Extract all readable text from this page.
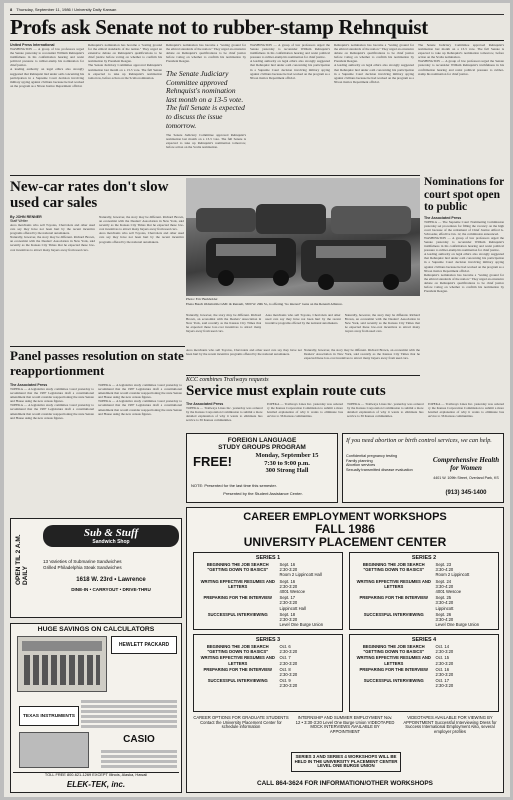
8 Thursday, September 11, 1986 / University Daily Kansan
Profs ask Senate not to rubber-stamp Rehnquist
United Press International

WASHINGTON — A group of law professors urged the Senate yesterday to reconsider William Rehnquist's truthfulness in his confirmation hearing and resist political pressure to rubber-stamp his nomination for chief justice.

A leading authority on legal ethics also strongly suggested that Rehnquist lied under oath concerning his participation in a Supreme Court decision involving military spying against civilians because he had worked on the program as a Nixon Justice Department official.

Rehnquist's nomination has become a "testing ground for the ethical standards of the nation." They urged an extensive debate on Rehnquist's qualifications to be chief justice before voting on whether to confirm his nomination by President Reagan.

The Senate Judiciary Committee approved Rehnquist's nomination last month on a 13-5 vote. The full Senate is expected to take up Rehnquist's nomination tomorrow, before action on the Scalia nomination.

Rehnquist's nomination has become a "testing ground for the ethical standards of the nation." They urged an extensive debate on Rehnquist's qualifications to be chief justice before voting on whether to confirm his nomination by President Reagan.

The Senate Judiciary Committee approved Rehnquist's nomination last month on a 13-5 vote. The full Senate is expected to discuss the issue tomorrow.

The Senate Judiciary Committee approved Rehnquist's nomination last month on a 13-5 vote. The full Senate is expected to take up Rehnquist's nomination tomorrow, before action on the Scalia nomination.

WASHINGTON — A group of law professors urged the Senate yesterday to reconsider William Rehnquist's truthfulness in his confirmation hearing and resist political pressure to rubber-stamp his nomination for chief justice.

A leading authority on legal ethics also strongly suggested that Rehnquist lied under oath concerning his participation in a Supreme Court decision involving military spying against civilians because he had worked on the program as a Nixon Justice Department official.

Rehnquist's nomination has become a "testing ground for the ethical standards of the nation." They urged an extensive debate on Rehnquist's qualifications to be chief justice before voting on whether to confirm his nomination by President Reagan.

A leading authority on legal ethics also strongly suggested that Rehnquist lied under oath concerning his participation in a Supreme Court decision involving military spying against civilians because he had worked on the program as a Nixon Justice Department official.

The Senate Judiciary Committee approved Rehnquist's nomination last month on a 13-5 vote. The full Senate is expected to take up Rehnquist's nomination tomorrow, before action on the Scalia nomination.

WASHINGTON — A group of law professors urged the Senate yesterday to reconsider William Rehnquist's truthfulness in his confirmation hearing and resist political pressure to rubber-stamp his nomination for chief justice.

Nominations for court spot open to public
The Associated Press

TOPEKA — The Supreme Court Nominating Commission yesterday set procedures for filling the vacancy on the high court because of the retirement of Chief Justice Alfred G. Schroeder, effective Jan. 12, the commission announced.

WASHINGTON — A group of law professors urged the Senate yesterday to reconsider William Rehnquist's truthfulness in his confirmation hearing and resist political pressure to rubber-stamp his nomination for chief justice.

A leading authority on legal ethics also strongly suggested that Rehnquist lied under oath concerning his participation in a Supreme Court decision involving military spying against civilians because he had worked on the program as a Nixon Justice Department official.

Rehnquist's nomination has become a "testing ground for the ethical standards of the nation." They urged an extensive debate on Rehnquist's qualifications to be chief justice before voting on whether to confirm his nomination by President Reagan.

New-car rates don't slow used car sales
By JOHN RENNER
Staff Writer

Area merchants who sell Toyotas, Chevrolets and other used cars say they have not been hurt by the recent incentive programs offered by the national automakers.

Naturally, however, the story may be different. Richard Brown, an economist with the Dealers' Association in New York, said recently as the Kansas City Times that he expected these low-cost incentives to attract many buyers away from used cars.

Naturally, however, the story may be different. Richard Brown, an economist with the Dealers' Association in New York, said recently as the Kansas City Times that he expected these low-cost incentives to attract many buyers away from used cars.

Area merchants who sell Toyotas, Chevrolets and other used cars say they have not been hurt by the recent incentive programs offered by the national automakers.

Photo: Eric Burkholder
Elena Busch Oldsmobile GMC & Renault, 3300 W. 29th St., is offering "no interest" loans on the Renault Alliance.

Naturally, however, the story may be different. Richard Brown, an economist with the Dealers' Association in New York, said recently as the Kansas City Times that he expected these low-cost incentives to attract many buyers away from used cars.

Area merchants who sell Toyotas, Chevrolets and other used cars say they have not been hurt by the recent incentive programs offered by the national automakers.

Naturally, however, the story may be different. Richard Brown, an economist with the Dealers' Association in New York, said recently as the Kansas City Times that he expected these low-cost incentives to attract many buyers away from used cars.

Panel passes resolution on state reapportionment
The Associated Press

TOPEKA — A legislative study committee voted yesterday to recommend that the 1987 Legislature draft a constitutional amendment that would consider reapportioning the state Senate and House using the new census figures.

TOPEKA — A legislative study committee voted yesterday to recommend that the 1987 Legislature draft a constitutional amendment that would consider reapportioning the state Senate and House using the new census figures.

TOPEKA — A legislative study committee voted yesterday to recommend that the 1987 Legislature draft a constitutional amendment that would consider reapportioning the state Senate and House using the new census figures.

TOPEKA — A legislative study committee voted yesterday to recommend that the 1987 Legislature draft a constitutional amendment that would consider reapportioning the state Senate and House using the new census figures.

Area merchants who sell Toyotas, Chevrolets and other used cars say they have not been hurt by the recent incentive programs offered by the national automakers.

Naturally, however, the story may be different. Richard Brown, an economist with the Dealers' Association in New York, said recently as the Kansas City Times that he expected these low-cost incentives to attract many buyers away from used cars.

KCC combines Trailways requests
Service must explain route cuts
The Associated Press

TOPEKA — Trailways Lines Inc. yesterday was ordered by the Kansas Corporation Commission to submit a more detailed explanation of why it wants to eliminate bus service to 36 Kansas communities.

TOPEKA — Trailways Lines Inc. yesterday was ordered by the Kansas Corporation Commission to submit a more detailed explanation of why it wants to eliminate bus service to 36 Kansas communities.

TOPEKA — Trailways Lines Inc. yesterday was ordered by the Kansas Corporation Commission to submit a more detailed explanation of why it wants to eliminate bus service to 36 Kansas communities.

TOPEKA — Trailways Lines Inc. yesterday was ordered by the Kansas Corporation Commission to submit a more detailed explanation of why it wants to eliminate bus service to 36 Kansas communities.

FOREIGN LANGUAGE
STUDY GROUPS PROGRAM
FREE!	Monday, September 15
7:30 to 9:00 p.m.
300 Strong Hall
NOTE: Presented for the last time this semester.
Presented by the Student Assistance Center.
If you need abortion or birth control services, we can help.
Confidential pregnancy testing
Family planning
Abortion services
Sexually transmitted disease evaluation
Comprehensive Health
for Women
4401 W. 109th Street, Overland Park, KS
(913) 345-1400
OPEN TIL 2 A.M. DAILY
Sub & Stuff
Sandwich Shop
13 Varieties of Submarine Sandwiches
Grilled Philadelphia Steak Sandwiches
1618 W. 23rd • Lawrence
DINE-IN • CARRYOUT • DRIVE-THRU
HUGE SAVINGS ON CALCULATORS
HEWLETT PACKARD
TEXAS INSTRUMENTS
CASIO
TOLL FREE 800-621-1269 EXCEPT Illinois, Alaska, Hawaii
ELEK-TEK, inc.
CAREER EMPLOYMENT WORKSHOPS
FALL 1986
UNIVERSITY PLACEMENT CENTER
SERIES 1
BEGINNING THE JOB SEARCH "GETTING DOWN TO BASICS"
Sept. 16
2:30-3:20
Room 2 Lippincott Hall
WRITING EFFECTIVE RESUMES AND LETTERS
Sept. 16
2:30-3:20
4001 Wescoe
PREPARING FOR THE INTERVIEW	Sept. 17
2:30-3:20
Lippincott Hall
SUCCESSFUL INTERVIEWING	Sept. 18
2:30-3:20
Level One Burge Union
SERIES 2
BEGINNING THE JOB SEARCH "GETTING DOWN TO BASICS"
Sept. 23
3:30-4:20
Room 2 Lippincott
WRITING EFFECTIVE RESUMES AND LETTERS
Sept. 24
3:30-4:20
4001 Wescoe
PREPARING FOR THE INTERVIEW	Sept. 25
3:30-4:20
Lippincott
SUCCESSFUL INTERVIEWING	Sept. 26
3:30-4:20
Level One Burge Union
SERIES 3
BEGINNING THE JOB SEARCH "GETTING DOWN TO BASICS"
Oct. 6
2:30-3:20
WRITING EFFECTIVE RESUMES AND LETTERS
Oct. 7
2:30-3:20
PREPARING FOR THE INTERVIEW	Oct. 8
2:30-3:20
SUCCESSFUL INTERVIEWING	Oct. 9
2:30-3:20
SERIES 4
BEGINNING THE JOB SEARCH "GETTING DOWN TO BASICS"
Oct. 14
2:30-3:20
WRITING EFFECTIVE RESUMES AND LETTERS
Oct. 15
2:30-3:20
PREPARING FOR THE INTERVIEW	Oct. 16
2:30-3:20
SUCCESSFUL INTERVIEWING	Oct. 17
2:30-3:20
CAREER OPTIONS FOR GRADUATE STUDENTS Contact the University Placement Center for schedule information
INTERNSHIP AND SUMMER EMPLOYMENT Nov. 12 • 3:30-3:20 Level One Burge Union VIDEOTAPED MOCK INTERVIEWS AVAILABLE BY APPOINTMENT
VIDEOTAPES AVAILABLE FOR VIEWING BY APPOINTMENT Successful Interviewing Dress for Success International Employment Also, several employer profiles
SERIES 3 AND SERIES 4 WORKSHOPS WILL BE HELD IN THE UNIVERSITY PLACEMENT CENTER LEVEL ONE BURGE UNION
CALL 864-3624 FOR INFORMATION/OTHER WORKSHOPS
